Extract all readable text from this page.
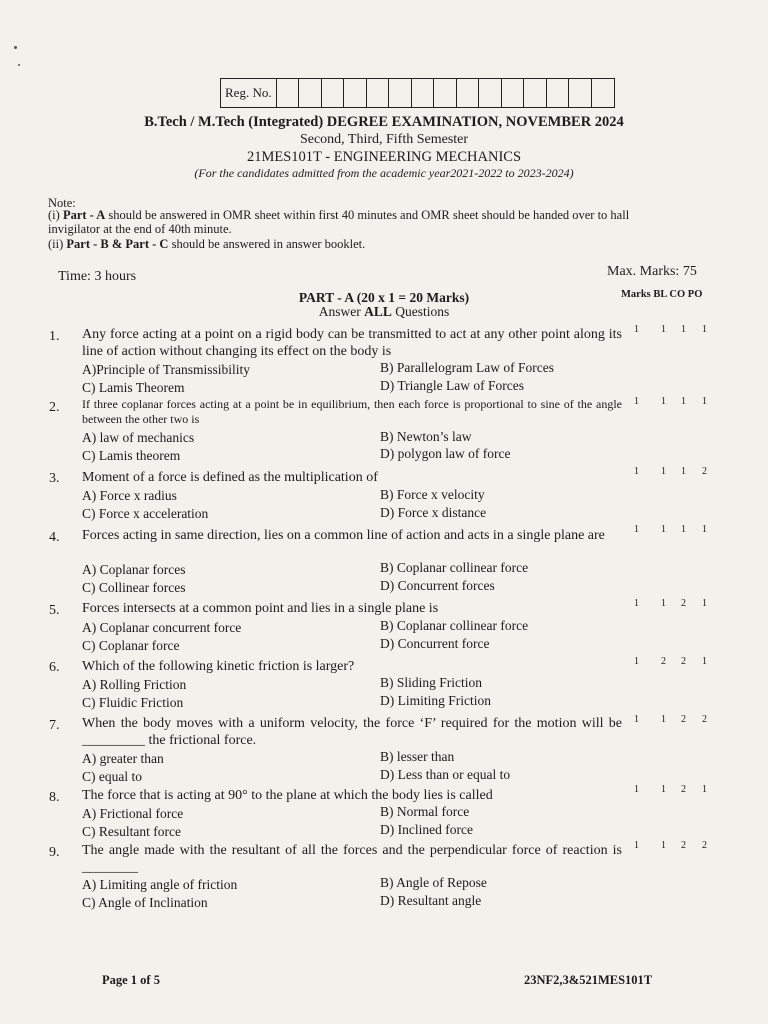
Reg. No.
B.Tech / M.Tech (Integrated) DEGREE EXAMINATION, NOVEMBER 2024
Second, Third, Fifth Semester
21MES101T - ENGINEERING MECHANICS
(For the candidates admitted from the academic year2021-2022 to 2023-2024)
Note:
(i) Part - A should be answered in OMR sheet within first 40 minutes and OMR sheet should be handed over to hall
invigilator at the end of 40th minute.
(ii) Part - B & Part - C should be answered in answer booklet.
Time: 3 hours	Max. Marks: 75
PART - A (20 x 1 = 20 Marks)
Answer ALL Questions
Marks BL CO PO
1. Any force acting at a point on a rigid body can be transmitted to act at any other point along its line of action without changing its effect on the body is
A)Principle of Transmissibility	B) Parallelogram Law of Forces
C) Lamis Theorem	D) Triangle Law of Forces
1 1 1 1
2. If three coplanar forces acting at a point be in equilibrium, then each force is proportional to sine of the angle between the other two is
A) law of mechanics	B) Newton’s law
C) Lamis theorem	D) polygon law of force
1 1 1 1
3. Moment of a force is defined as the multiplication of
A) Force x radius	B) Force x velocity
C) Force x acceleration	D) Force x distance
1 1 1 2
4. Forces acting in same direction, lies on a common line of action and acts in a single plane are
A) Coplanar forces	B) Coplanar collinear force
C) Collinear forces	D) Concurrent forces
1 1 1 1
5. Forces intersects at a common point and lies in a single plane is
A) Coplanar concurrent force	B) Coplanar collinear force
C) Coplanar force	D) Concurrent force
1 1 2 1
6. Which of the following kinetic friction is larger?
A) Rolling Friction	B) Sliding Friction
C) Fluidic Friction	D) Limiting Friction
1 2 2 1
7. When the body moves with a uniform velocity, the force ‘F’ required for the motion will be _________ the frictional force.
A) greater than	B) lesser than
C) equal to	D) Less than or equal to
1 1 2 2
8. The force that is acting at 90° to the plane at which the body lies is called
A) Frictional force	B) Normal force
C) Resultant force	D) Inclined force
1 1 2 1
9. The angle made with the resultant of all the forces and the perpendicular force of reaction is ________
A) Limiting angle of friction	B) Angle of Repose
C) Angle of Inclination	D) Resultant angle
1 1 2 2
Page 1 of 5	23NF2,3&521MES101T
